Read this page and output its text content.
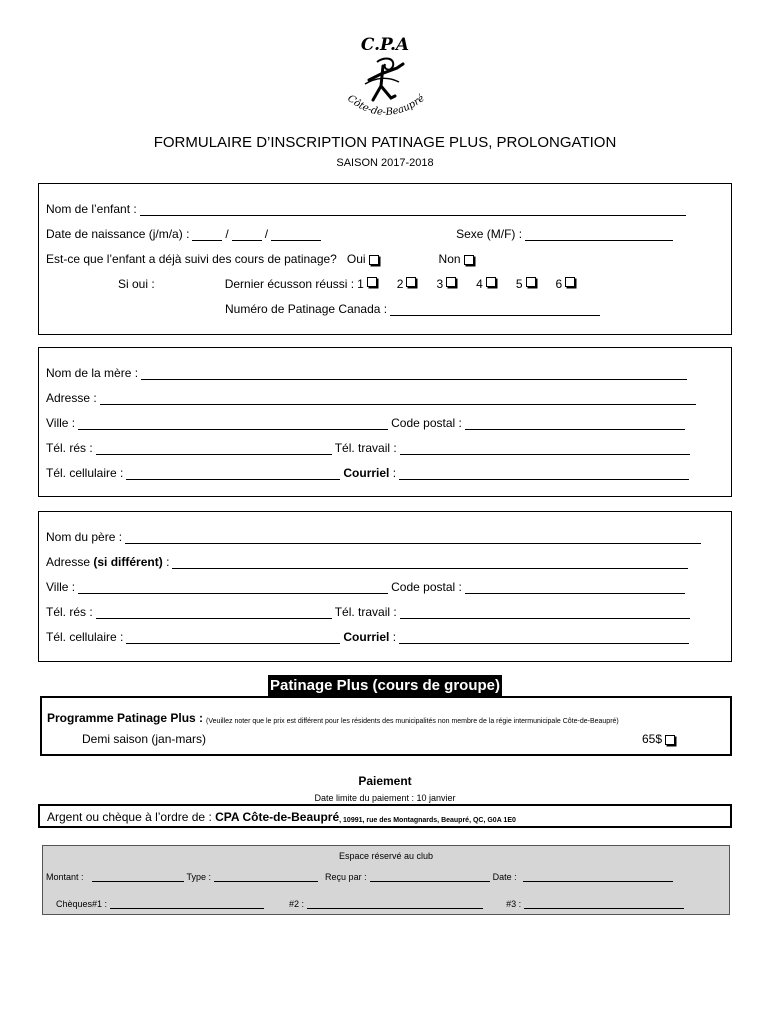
C.P.A
Côte-de-Beaupré
FORMULAIRE D’INSCRIPTION PATINAGE PLUS, PROLONGATION
SAISON 2017-2018
Nom de l’enfant :
Date de naissance (j/m/a) :	/	/	Sexe (M/F) :
Est-ce que l’enfant a déjà suivi des cours de patinage? Oui	Non
Si oui :	Dernier écusson réussi : 1	2	3	4	5	6
Numéro de Patinage Canada :
Nom de la mère :
Adresse :
Ville :	Code postal :
Tél. rés :	Tél. travail :
Tél. cellulaire :	Courriel
:
Nom du père :
Adresse
(si différent)
:
Ville :	Code postal :
Tél. rés :	Tél. travail :
Tél. cellulaire :	Courriel
:
Patinage Plus (cours de groupe)
Programme Patinage Plus : (Veuillez noter que le prix est différent pour les résidents des municipalités non membre de la régie intermunicipale Côte-de-Beaupré)
Demi saison (jan-mars)	65$
Paiement
Date limite du paiement : 10 janvier
Argent ou chèque à l’ordre de :
CPA Côte-de-Beaupré , 10991, rue des Montagnards, Beaupré, QC, G0A 1E0
Espace réservé au club
Montant :	Type :	Reçu par :	Date :
Chèques#1 :	#2 :	#3 :
